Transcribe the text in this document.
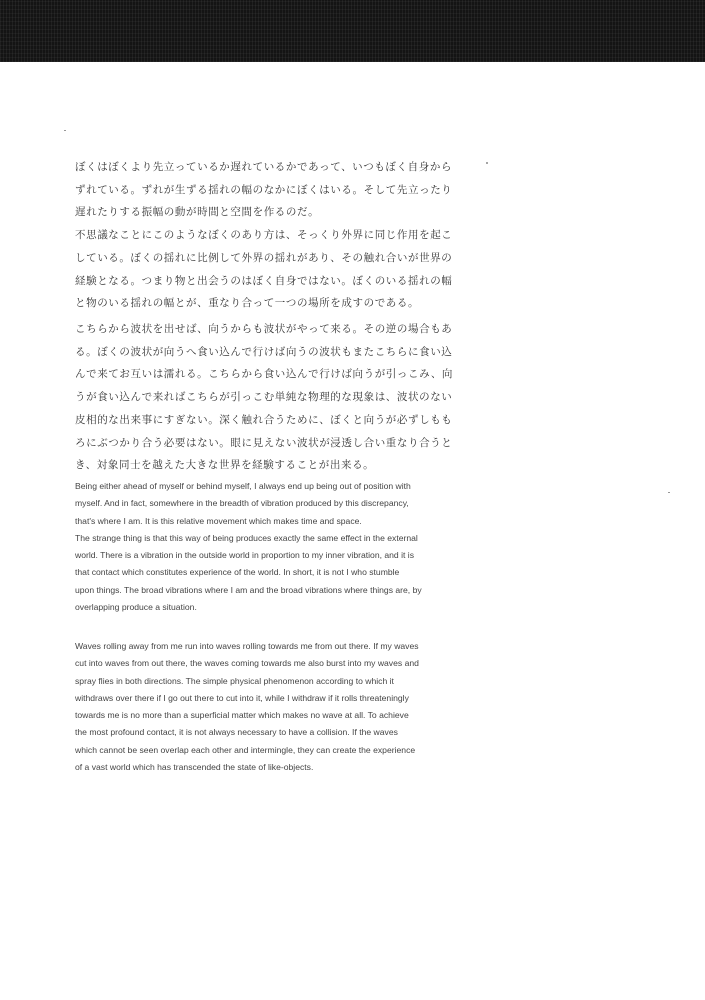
ぼくはぼくより先立っているか遅れているかであって、いつもぼく自身から

ずれている。ずれが生ずる揺れの幅のなかにぼくはいる。そして先立ったり

遅れたりする振幅の動が時間と空間を作るのだ。

不思議なことにこのようなぼくのあり方は、そっくり外界に同じ作用を起こ

している。ぼくの揺れに比例して外界の揺れがあり、その触れ合いが世界の

経験となる。つまり物と出会うのはぼく自身ではない。ぼくのいる揺れの幅

と物のいる揺れの幅とが、重なり合って一つの場所を成すのである。

こちらから波状を出せば、向うからも波状がやって来る。その逆の場合もあ

る。ぼくの波状が向うへ食い込んで行けば向うの波状もまたこちらに食い込

んで来てお互いは濡れる。こちらから食い込んで行けば向うが引っこみ、向

うが食い込んで来ればこちらが引っこむ単純な物理的な現象は、波状のない

皮相的な出来事にすぎない。深く触れ合うために、ぼくと向うが必ずしもも

ろにぶつかり合う必要はない。眼に見えない波状が浸透し合い重なり合うと

き、対象同士を越えた大きな世界を経験することが出来る。

Being either ahead of myself or behind myself, I always end up being out of position with

myself. And in fact, somewhere in the breadth of vibration produced by this discrepancy,

that's where I am. It is this relative movement which makes time and space.

The strange thing is that this way of being produces exactly the same effect in the external

world. There is a vibration in the outside world in proportion to my inner vibration, and it is

that contact which constitutes experience of the world. In short, it is not I who stumble

upon things. The broad vibrations where I am and the broad vibrations where things are, by

overlapping produce a situation.

Waves rolling away from me run into waves rolling towards me from out there. If my waves

cut into waves from out there, the waves coming towards me also burst into my waves and

spray flies in both directions. The simple physical phenomenon according to which it

withdraws over there if I go out there to cut into it, while I withdraw if it rolls threateningly

towards me is no more than a superficial matter which makes no wave at all. To achieve

the most profound contact, it is not always necessary to have a collision. If the waves

which cannot be seen overlap each other and intermingle, they can create the experience

of a vast world which has transcended the state of like-objects.
